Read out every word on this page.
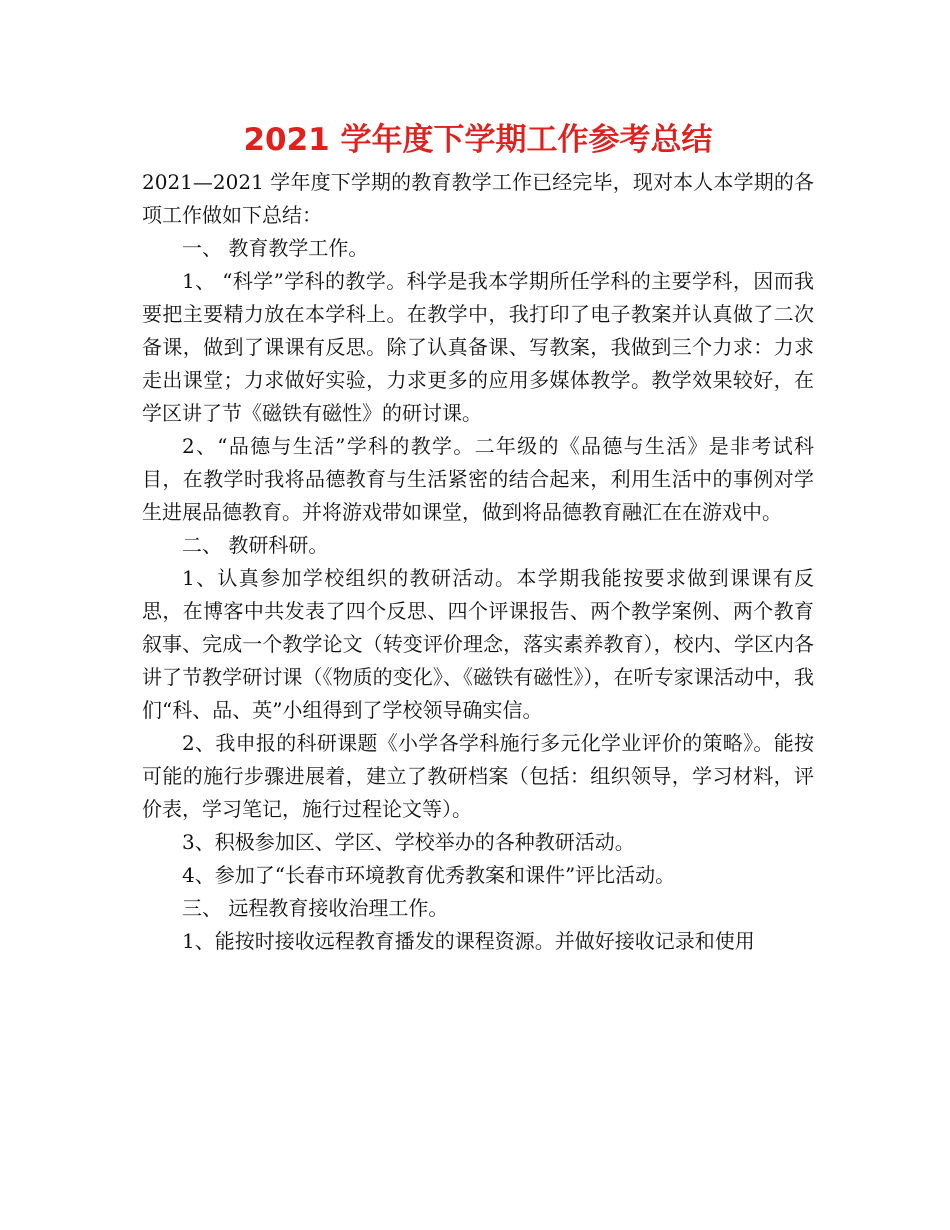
2021 学年度下学期工作参考总结

2021—2021 学年度下学期的教育教学工作已经完毕，现对本人本学期的各项工作做如下总结：

一、 教育教学工作。

1、 “科学”学科的教学。科学是我本学期所任学科的主要学科，因而我要把主要精力放在本学科上。在教学中，我打印了电子教案并认真做了二次备课，做到了课课有反思。除了认真备课、写教案，我做到三个力求：力求走出课堂；力求做好实验，力求更多的应用多媒体教学。教学效果较好，在学区讲了节《磁铁有磁性》的研讨课。

2、“品德与生活”学科的教学。二年级的《品德与生活》是非考试科目，在教学时我将品德教育与生活紧密的结合起来，利用生活中的事例对学生进展品德教育。并将游戏带如课堂，做到将品德教育融汇在在游戏中。

二、 教研科研。

1、认真参加学校组织的教研活动。本学期我能按要求做到课课有反思，在博客中共发表了四个反思、四个评课报告、两个教学案例、两个教育叙事、完成一个教学论文（转变评价理念，落实素养教育），校内、学区内各讲了节教学研讨课（《物质的变化》、《磁铁有磁性》），在听专家课活动中，我们“科、品、英”小组得到了学校领导确实信。

2、我申报的科研课题《小学各学科施行多元化学业评价的策略》。能按可能的施行步骤进展着，建立了教研档案（包括：组织领导，学习材料，评价表，学习笔记，施行过程论文等）。

3、积极参加区、学区、学校举办的各种教研活动。

4、参加了“长春市环境教育优秀教案和课件”评比活动。

三、 远程教育接收治理工作。

1、能按时接收远程教育播发的课程资源。并做好接收记录和使用
